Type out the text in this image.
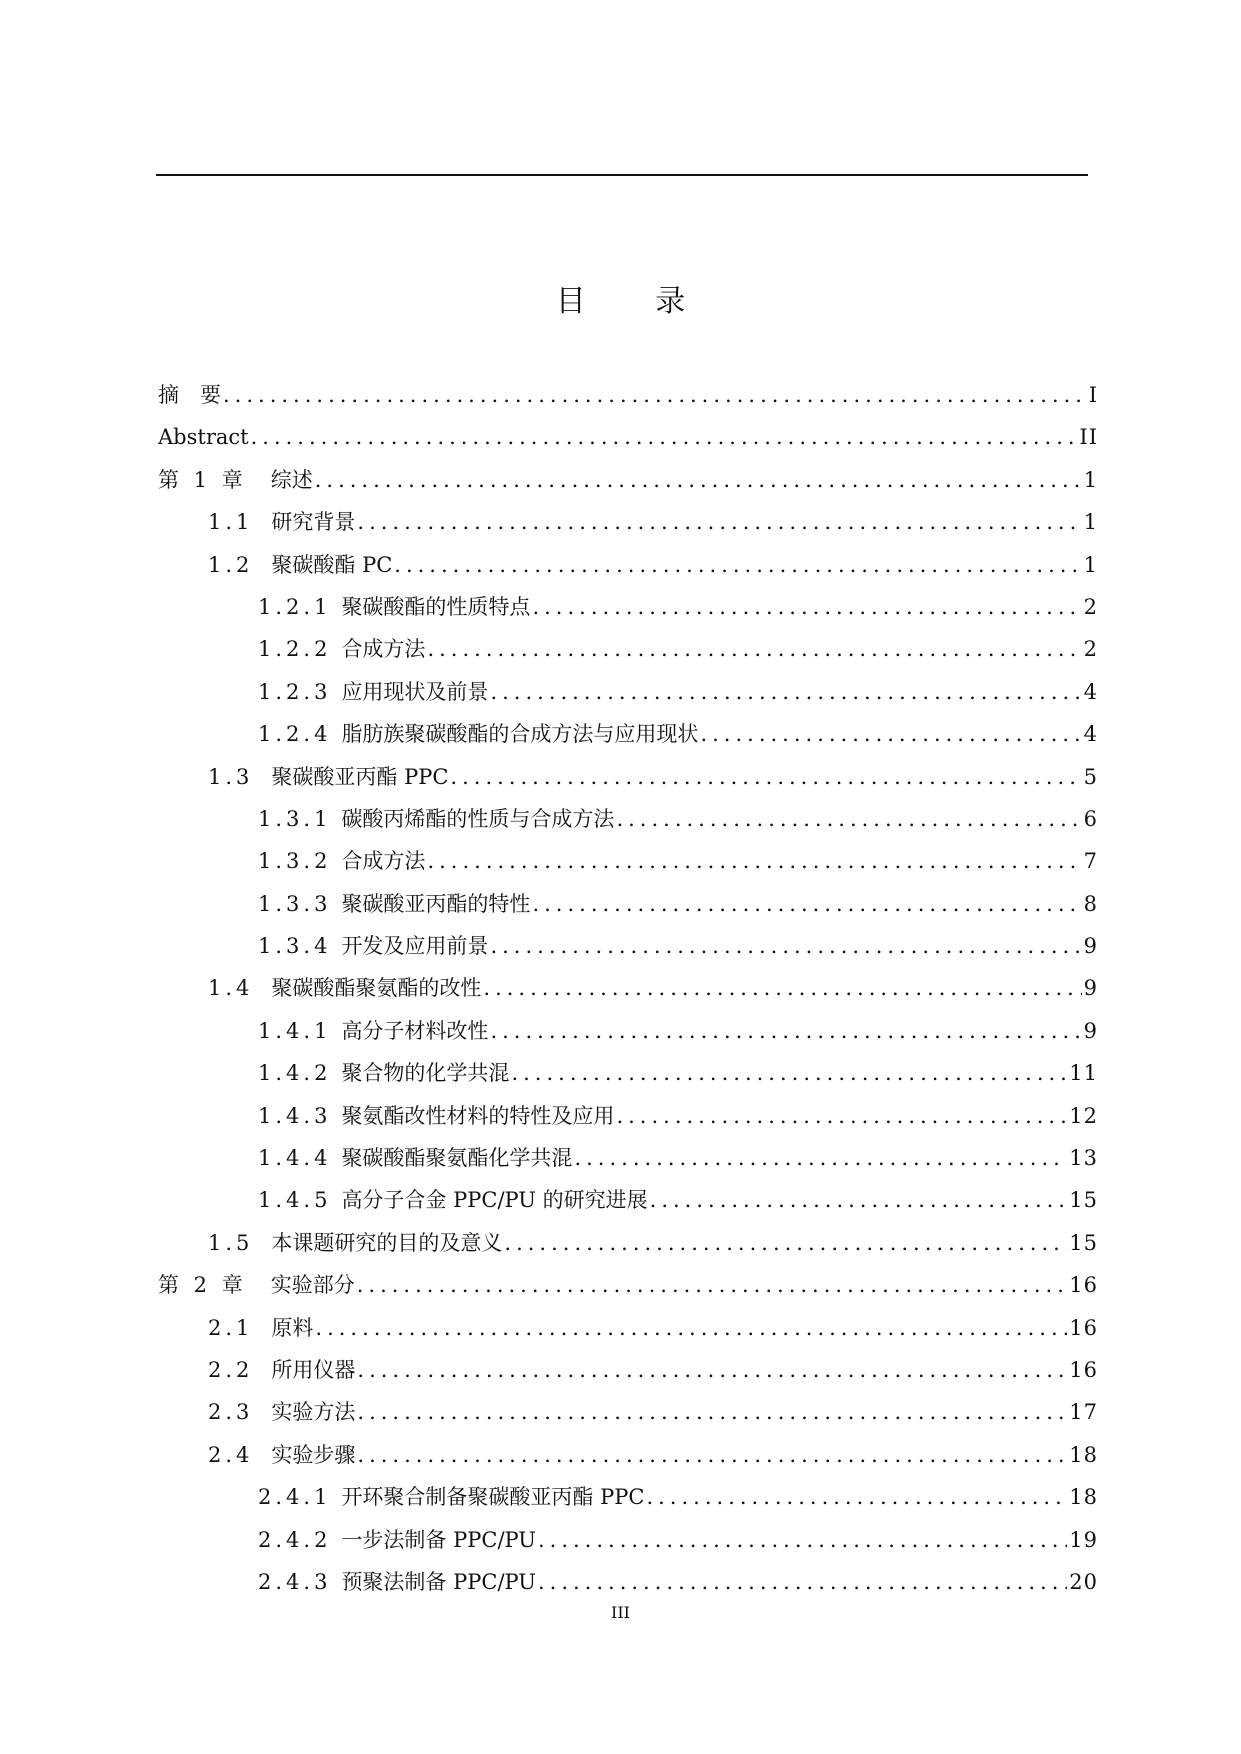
目 录
摘　要 .....	I
Abstract .....	II
第 1 章 综述 .....	1
1.1 研究背景 .....	1
1.2 聚碳酸酯 PC .....	1
1.2.1 聚碳酸酯的性质特点 .....	2
1.2.2 合成方法 .....	2
1.2.3 应用现状及前景 .....	4
1.2.4 脂肪族聚碳酸酯的合成方法与应用现状 .....	4
1.3 聚碳酸亚丙酯 PPC .....	5
1.3.1 碳酸丙烯酯的性质与合成方法 .....	6
1.3.2 合成方法 .....	7
1.3.3 聚碳酸亚丙酯的特性 .....	8
1.3.4 开发及应用前景 .....	9
1.4 聚碳酸酯聚氨酯的改性 .....	9
1.4.1 高分子材料改性 .....	9
1.4.2 聚合物的化学共混 .....	11
1.4.3 聚氨酯改性材料的特性及应用 .....	12
1.4.4 聚碳酸酯聚氨酯化学共混 .....	13
1.4.5 高分子合金 PPC/PU 的研究进展 .....	15
1.5 本课题研究的目的及意义 .....	15
第 2 章 实验部分 .....	16
2.1 原料 .....	16
2.2 所用仪器 .....	16
2.3 实验方法 .....	17
2.4 实验步骤 .....	18
2.4.1 开环聚合制备聚碳酸亚丙酯 PPC .....	18
2.4.2 一步法制备 PPC/PU .....	19
2.4.3 预聚法制备 PPC/PU .....	20
III
